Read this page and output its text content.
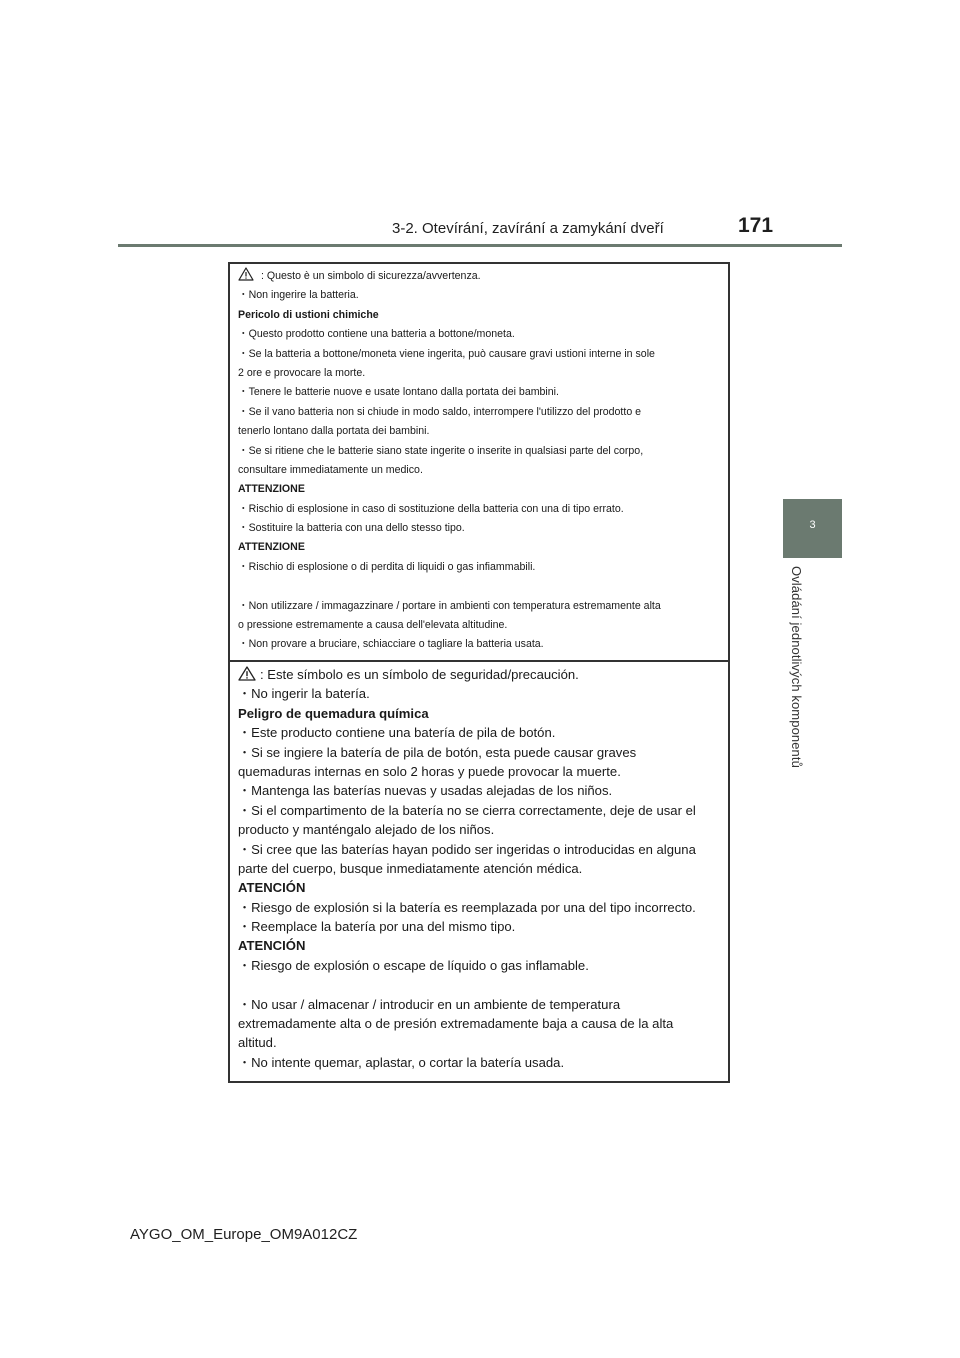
3-2. Otevírání, zavírání a zamykání dveří	171
3
Ovládání jednotlivých komponentů
: Questo è un simbolo di sicurezza/avvertenza.
・Non ingerire la batteria.
Pericolo di ustioni chimiche
・Questo prodotto contiene una batteria a bottone/moneta.
・Se la batteria a bottone/moneta viene ingerita, può causare gravi ustioni interne in sole
2 ore e provocare la morte.
・Tenere le batterie nuove e usate lontano dalla portata dei bambini.
・Se il vano batteria non si chiude in modo saldo, interrompere l'utilizzo del prodotto e
tenerlo lontano dalla portata dei bambini.
・Se si ritiene che le batterie siano state ingerite o inserite in qualsiasi parte del corpo,
consultare immediatamente un medico.
ATTENZIONE
・Rischio di esplosione in caso di sostituzione della batteria con una di tipo errato.
・Sostituire la batteria con una dello stesso tipo.
ATTENZIONE
・Rischio di esplosione o di perdita di liquidi o gas infiammabili.
・Non utilizzare / immagazzinare / portare in ambienti con temperatura estremamente alta
o pressione estremamente a causa dell'elevata altitudine.
・Non provare a bruciare, schiacciare o tagliare la batteria usata.
: Este símbolo es un símbolo de seguridad/precaución.
・No ingerir la batería.
Peligro de quemadura química
・Este producto contiene una batería de pila de botón.
・Si se ingiere la batería de pila de botón, esta puede causar graves
quemaduras internas en solo 2 horas y puede provocar la muerte.
・Mantenga las baterías nuevas y usadas alejadas de los niños.
・Si el compartimento de la batería no se cierra correctamente, deje de usar el
producto y manténgalo alejado de los niños.
・Si cree que las baterías hayan podido ser ingeridas o introducidas en alguna
parte del cuerpo, busque inmediatamente atención médica.
ATENCIÓN
・Riesgo de explosión si la batería es reemplazada por una del tipo incorrecto.
・Reemplace la batería por una del mismo tipo.
ATENCIÓN
・Riesgo de explosión o escape de líquido o gas inflamable.
・No usar / almacenar / introducir en un ambiente de temperatura
extremadamente alta o de presión extremadamente baja a causa de la alta
altitud.
・No intente quemar, aplastar, o cortar la batería usada.
AYGO_OM_Europe_OM9A012CZ
